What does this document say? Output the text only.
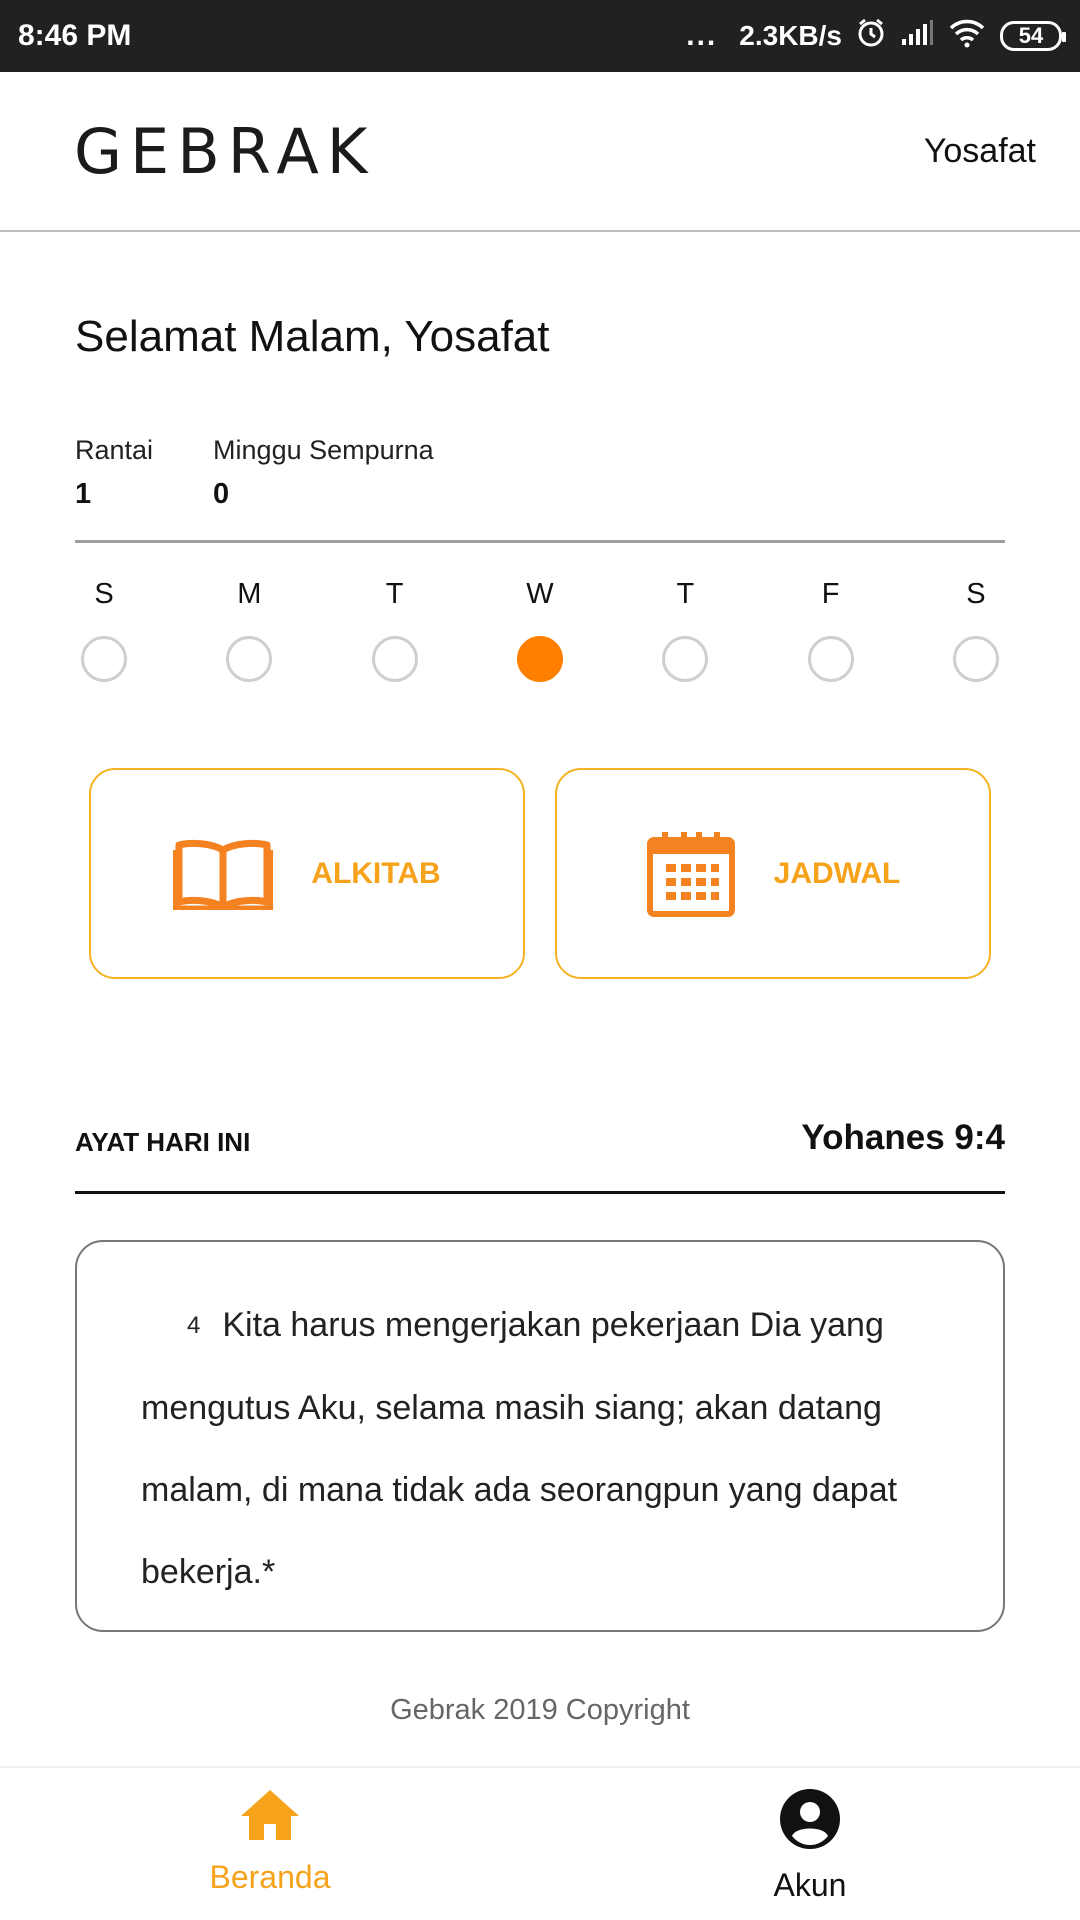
8:46 PM	... 2.3KB/s	54
GEBRAK	Yosafat
Selamat Malam, Yosafat
Rantai
1
Minggu Sempurna
0
S	M	T	W	T	F	S
ALKITAB	JADWAL
AYAT HARI INI	Yohanes 9:4

4 Kita harus mengerjakan pekerjaan Dia yang mengutus Aku, selama masih siang; akan datang malam, di mana tidak ada seorangpun yang dapat bekerja.*

Gebrak 2019 Copyright
Beranda	Akun
